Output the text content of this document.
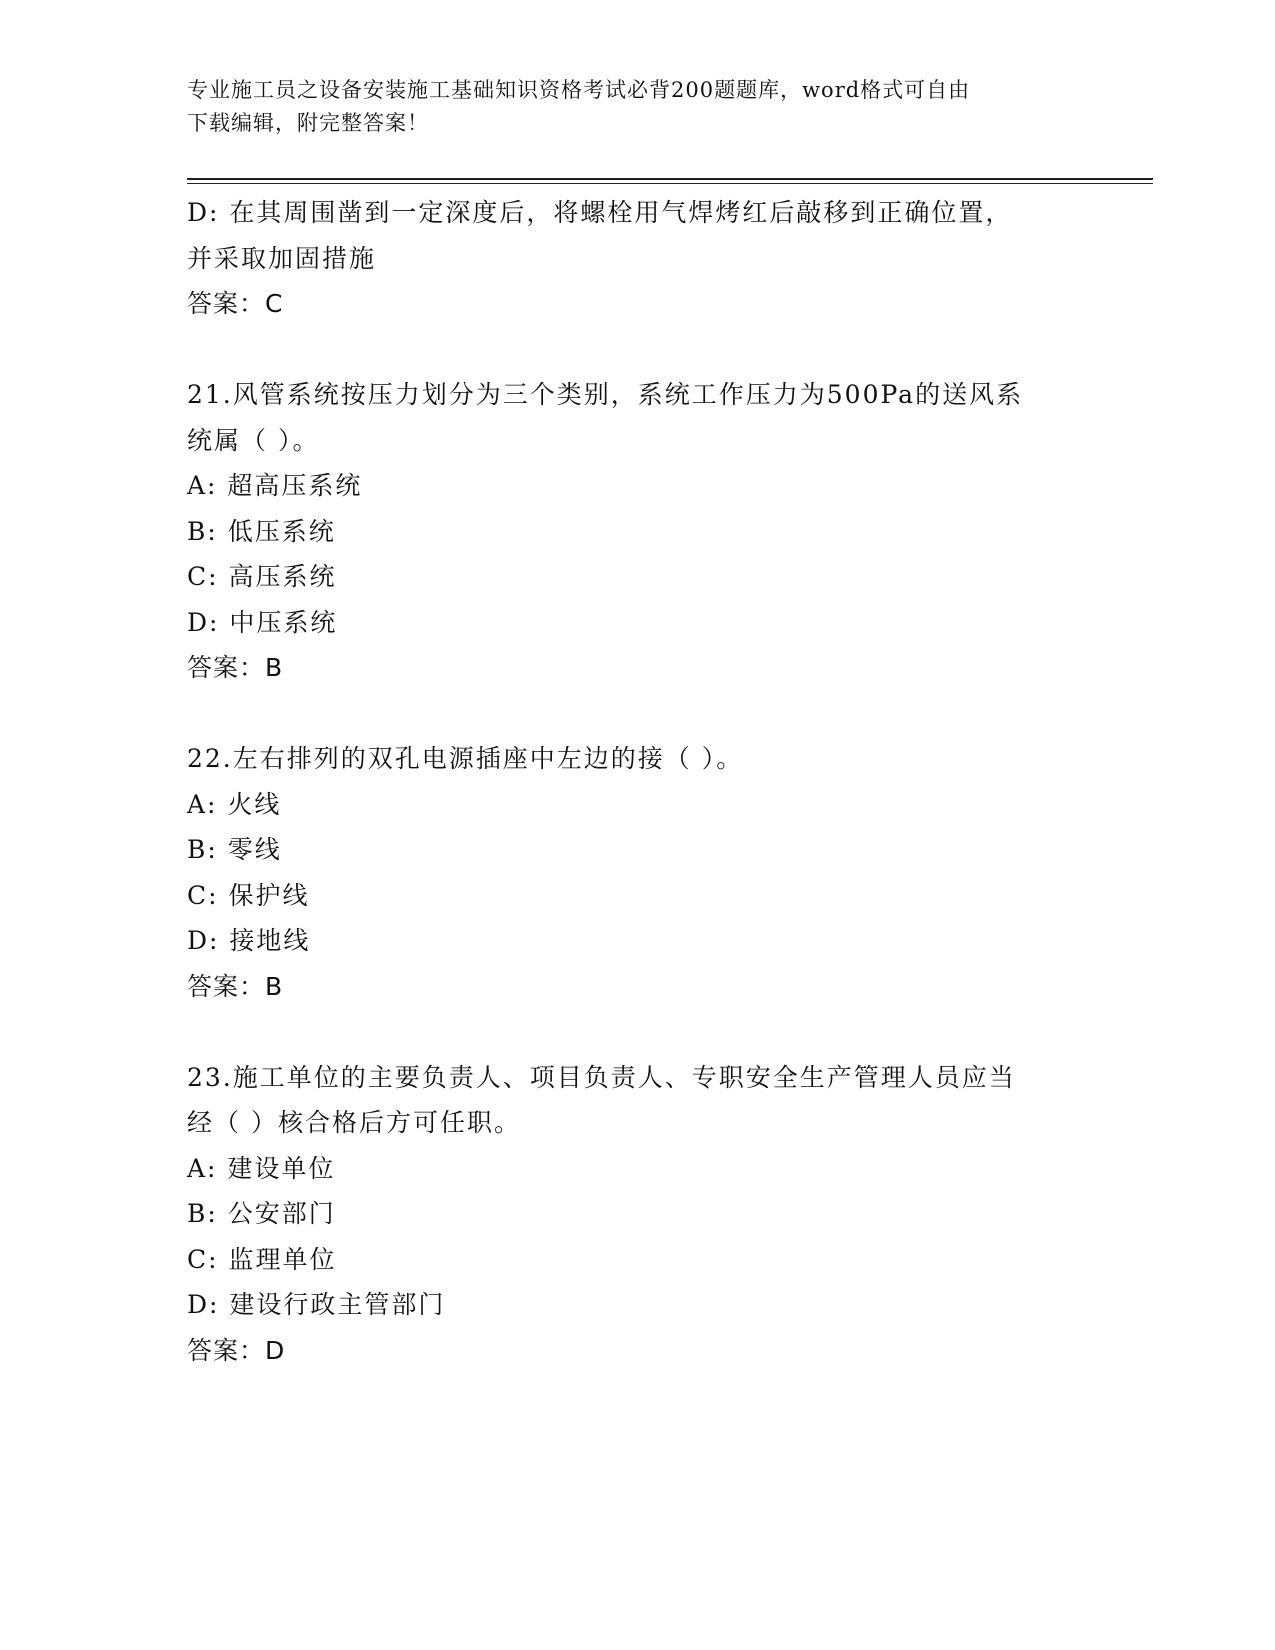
专业施工员之设备安装施工基础知识资格考试必背200题题库，word格式可自由
下载编辑，附完整答案！
D: 在其周围凿到一定深度后，将螺栓用气焊烤红后敲移到正确位置，
并采取加固措施
答案：C
21.风管系统按压力划分为三个类别，系统工作压力为500Pa的送风系
统属（ ）。
A: 超高压系统
B: 低压系统
C: 高压系统
D: 中压系统
答案：B
22.左右排列的双孔电源插座中左边的接（ ）。
A: 火线
B: 零线
C: 保护线
D: 接地线
答案：B
23.施工单位的主要负责人、项目负责人、专职安全生产管理人员应当
经（ ）核合格后方可任职。
A: 建设单位
B: 公安部门
C: 监理单位
D: 建设行政主管部门
答案：D
